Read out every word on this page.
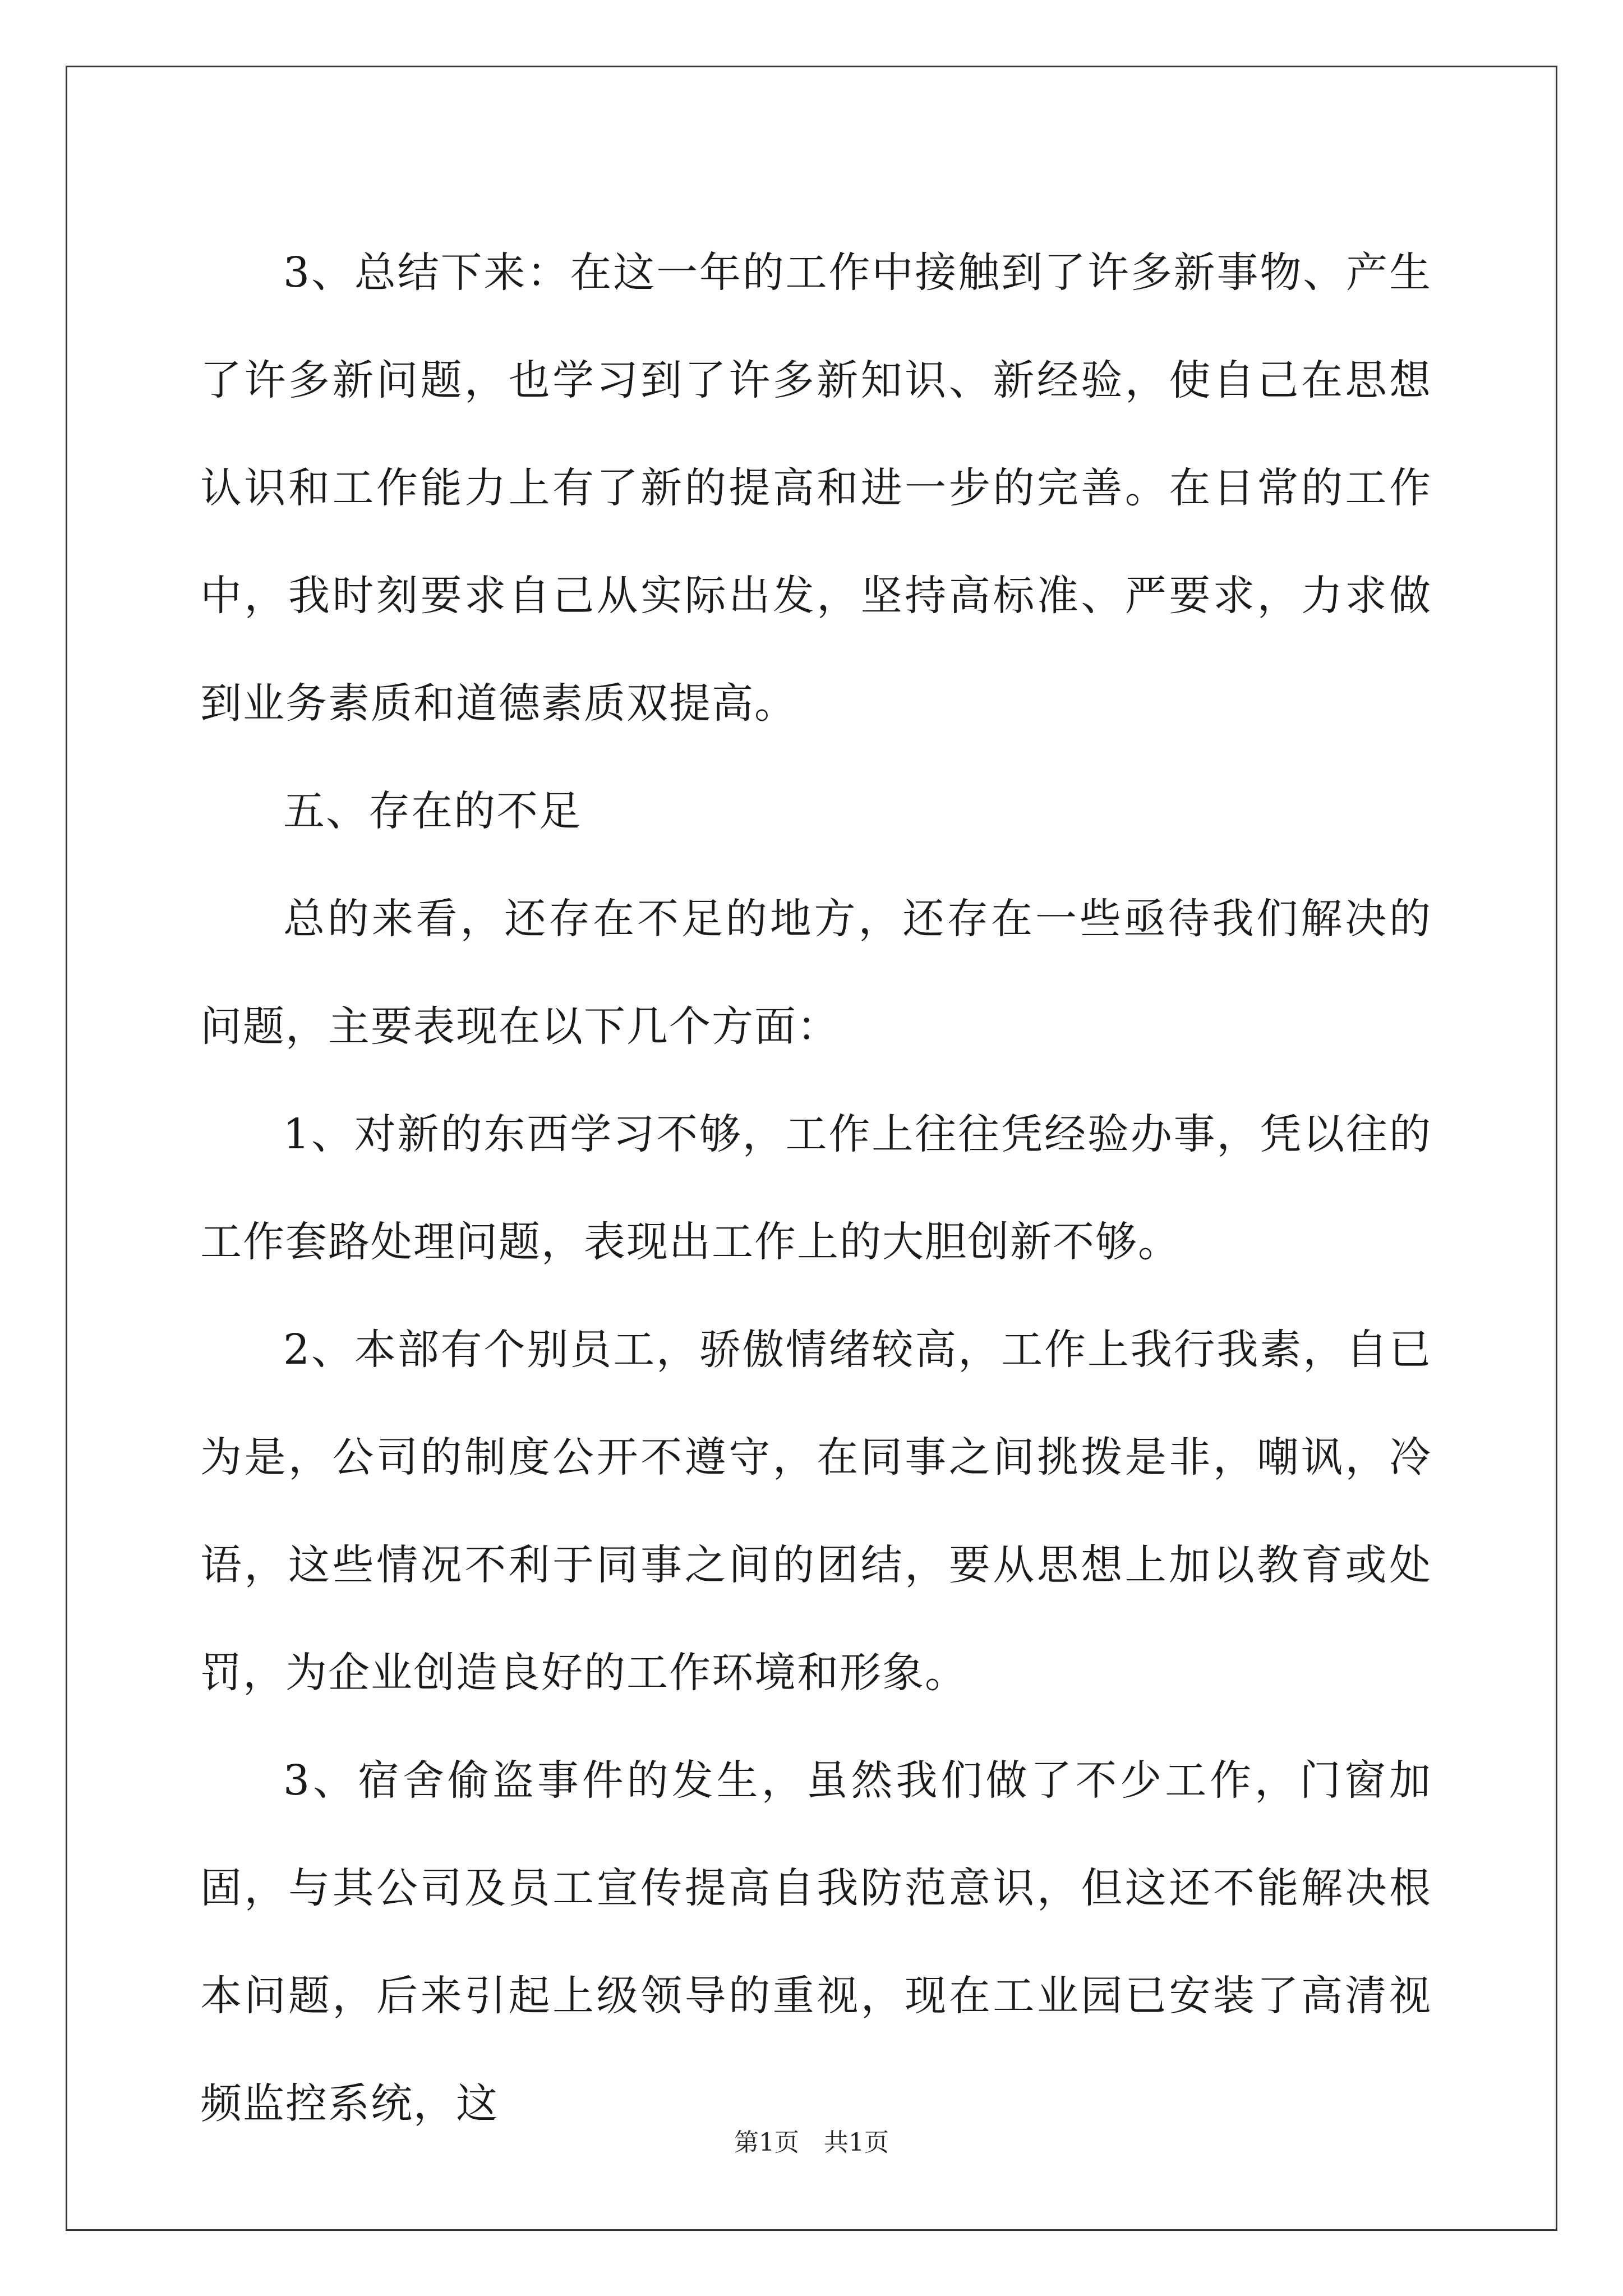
3、总结下来：在这一年的工作中接触到了许多新事物、产生了许多新问题，也学习到了许多新知识、新经验，使自己在思想认识和工作能力上有了新的提高和进一步的完善。在日常的工作中，我时刻要求自己从实际出发，坚持高标准、严要求，力求做到业务素质和道德素质双提高。

五、存在的不足

总的来看，还存在不足的地方，还存在一些亟待我们解决的问题，主要表现在以下几个方面：

1、对新的东西学习不够，工作上往往凭经验办事，凭以往的工作套路处理问题，表现出工作上的大胆创新不够。

2、本部有个别员工，骄傲情绪较高，工作上我行我素，自已为是，公司的制度公开不遵守，在同事之间挑拨是非，嘲讽，冷语，这些情况不利于同事之间的团结，要从思想上加以教育或处罚，为企业创造良好的工作环境和形象。

3、宿舍偷盗事件的发生，虽然我们做了不少工作，门窗加固，与其公司及员工宣传提高自我防范意识，但这还不能解决根本问题，后来引起上级领导的重视，现在工业园已安装了高清视频监控系统，这

第1页　共1页
